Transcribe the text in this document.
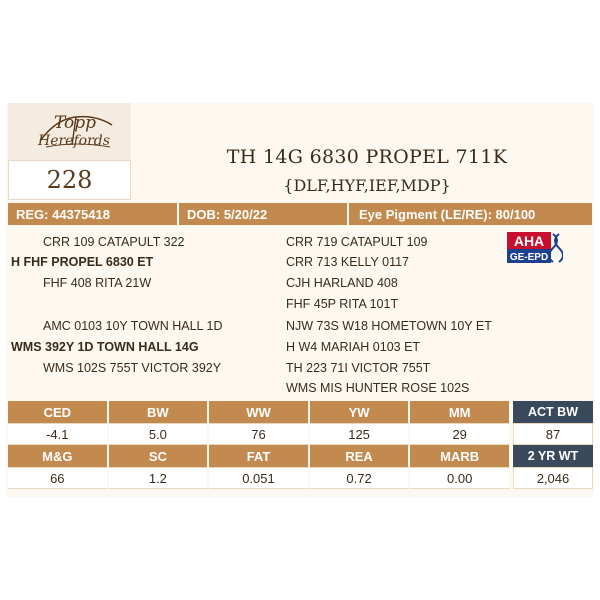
Topp
Herefords
228
TH 14G 6830 PROPEL 711K
{DLF,HYF,IEF,MDP}
REG: 44375418	DOB: 5/20/22	Eye Pigment (LE/RE): 80/100
CRR 109 CATAPULT 322
H FHF PROPEL 6830 ET
FHF 408 RITA 21W
AMC 0103 10Y TOWN HALL 1D
WMS 392Y 1D TOWN HALL 14G
WMS 102S 755T VICTOR 392Y
CRR 719 CATAPULT 109
CRR 713 KELLY 0117
CJH HARLAND 408
FHF 45P RITA 101T
NJW 73S W18 HOMETOWN 10Y ET
H W4 MARIAH 0103 ET
TH 223 71I VICTOR 755T
WMS MIS HUNTER ROSE 102S
AHA
GE-EPD
CED	BW	WW	YW	MM
-4.1	5.0	76	125	29
M&G	SC	FAT	REA	MARB
66	1.2	0.051	0.72	0.00
ACT BW
87
2 YR WT
2,046
